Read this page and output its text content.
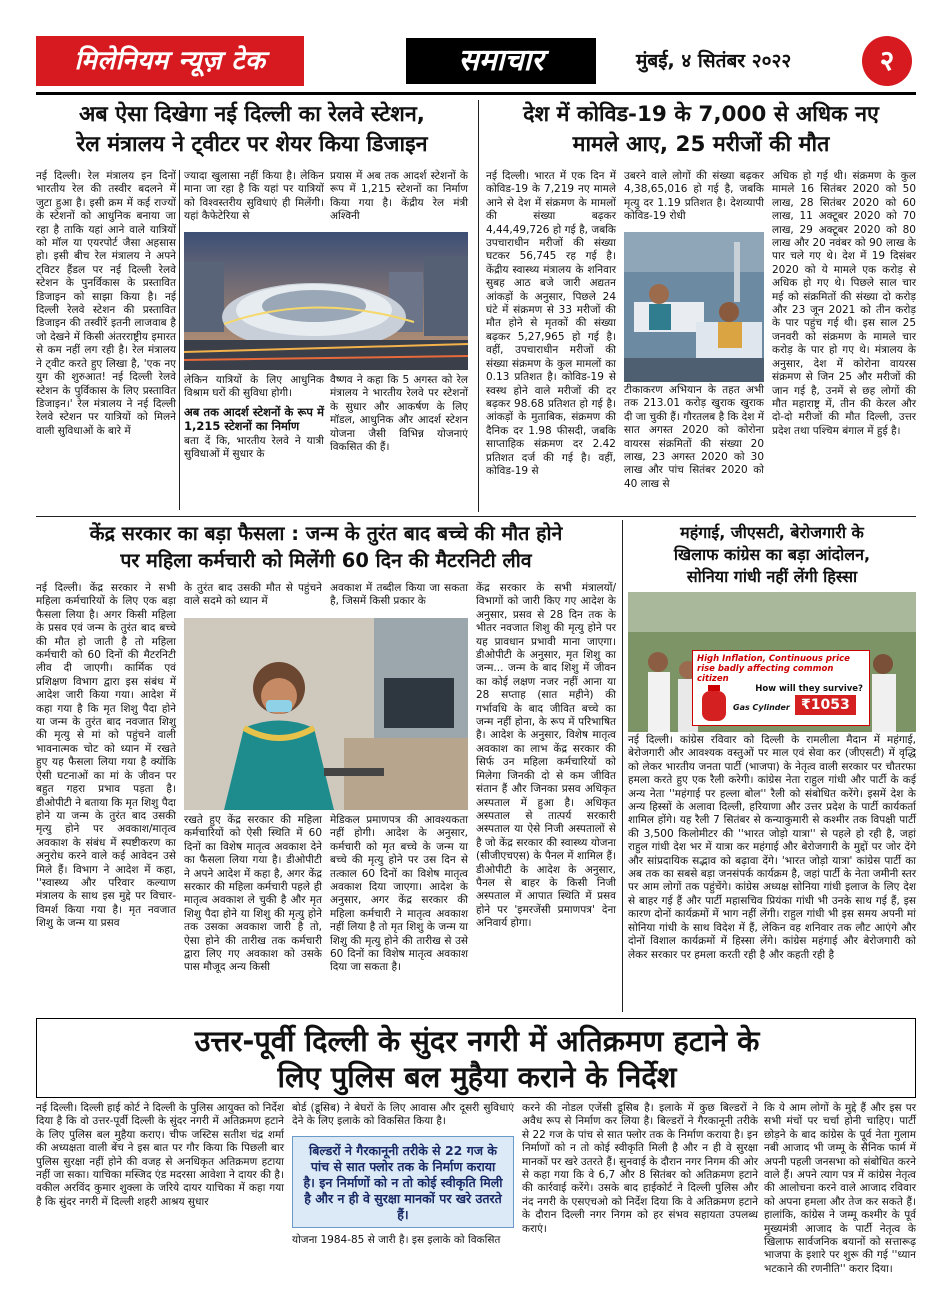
मिलेनियम न्यूज़ टेक	समाचार	मुंबई, ४ सितंबर २०२२	२
अब ऐसा दिखेगा नई दिल्ली का रेलवे स्टेशन,
रेल मंत्रालय ने ट्वीटर पर शेयर किया डिजाइन
नई दिल्ली। रेल मंत्रालय इन दिनों भारतीय रेल की तस्वीर बदलने में जुटा हुआ है। इसी क्रम में कई राज्यों के स्टेशनों को आधुनिक बनाया जा रहा है ताकि यहां आने वाले यात्रियों को मॉल या एयरपोर्ट जैसा अहसास हो। इसी बीच रेल मंत्रालय ने अपने ट्विटर हैंडल पर नई दिल्ली रेलवे स्टेशन के पुनर्विकास के प्रस्तावित डिजाइन को साझा किया है। नई दिल्ली रेलवे स्टेशन की प्रस्तावित डिजाइन की तस्वीरें इतनी लाजवाब है जो देखने में किसी अंतरराष्ट्रीय इमारत से कम नहीं लग रही है। रेल मंत्रालय ने ट्वीट करते हुए लिखा है, 'एक नए युग की शुरुआत! नई दिल्ली रेलवे स्टेशन के पुर्विकास के लिए प्रस्तावित डिजाइन।' रेल मंत्रालय ने नई दिल्ली रेलवे स्टेशन पर यात्रियों को मिलने वाली सुविधाओं के बारे में
ज्यादा खुलासा नहीं किया है। लेकिन माना जा रहा है कि यहां पर यात्रियों को विश्वस्तरीय सुविधाएं ही मिलेंगी। यहां कैफेटेरिया से
प्रयास में अब तक आदर्श स्टेशनों के रूप में 1,215 स्टेशनों का निर्माण किया गया है। केंद्रीय रेल मंत्री अश्विनी
लेकिन यात्रियों के लिए आधुनिक विश्राम घरों की सुविधा होगी।
अब तक आदर्श स्टेशनों के रूप में 1,215 स्टेशनों का निर्माण
बता दें कि, भारतीय रेलवे ने यात्री सुविधाओं में सुधार के
वैष्णव ने कहा कि 5 अगस्त को रेल मंत्रालय ने भारतीय रेलवे पर स्टेशनों के सुधार और आकर्षण के लिए मॉडल, आधुनिक और आदर्श स्टेशन योजना जैसी विभिन्न योजनाएं विकसित की हैं।
देश में कोविड-19 के 7,000 से अधिक नए
मामले आए, 25 मरीजों की मौत
नई दिल्ली। भारत में एक दिन में कोविड-19 के 7,219 नए मामले आने से देश में संक्रमण के मामलों की संख्या बढ़कर 4,44,49,726 हो गई है, जबकि उपचाराधीन मरीजों की संख्या घटकर 56,745 रह गई है। केंद्रीय स्वास्थ्य मंत्रालय के शनिवार सुबह आठ बजे जारी अद्यतन आंकड़ों के अनुसार, पिछले 24 घंटे में संक्रमण से 33 मरीजों की मौत होने से मृतकों की संख्या बढ़कर 5,27,965 हो गई है। वहीं, उपचाराधीन मरीजों की संख्या संक्रमण के कुल मामलों का 0.13 प्रतिशत है। कोविड-19 से स्वस्थ होने वाले मरीजों की दर बढ़कर 98.68 प्रतिशत हो गई है। आंकड़ों के मुताबिक, संक्रमण की दैनिक दर 1.98 फीसदी, जबकि साप्ताहिक संक्रमण दर 2.42 प्रतिशत दर्ज की गई है। वहीं, कोविड-19 से
उबरने वाले लोगों की संख्या बढ़कर 4,38,65,016 हो गई है, जबकि मृत्यु दर 1.19 प्रतिशत है। देशव्यापी कोविड-19 रोधी
टीकाकरण अभियान के तहत अभी तक 213.01 करोड़ खुराक खुराक दी जा चुकी हैं। गौरतलब है कि देश में सात अगस्त 2020 को कोरोना वायरस संक्रमितों की संख्या 20 लाख, 23 अगस्त 2020 को 30 लाख और पांच सितंबर 2020 को 40 लाख से
अधिक हो गई थी। संक्रमण के कुल मामले 16 सितंबर 2020 को 50 लाख, 28 सितंबर 2020 को 60 लाख, 11 अक्टूबर 2020 को 70 लाख, 29 अक्टूबर 2020 को 80 लाख और 20 नवंबर को 90 लाख के पार चले गए थे। देश में 19 दिसंबर 2020 को ये मामले एक करोड़ से अधिक हो गए थे। पिछले साल चार मई को संक्रमितों की संख्या दो करोड़ और 23 जून 2021 को तीन करोड़ के पार पहुंच गई थी। इस साल 25 जनवरी को संक्रमण के मामले चार करोड़ के पार हो गए थे। मंत्रालय के अनुसार, देश में कोरोना वायरस संक्रमण से जिन 25 और मरीजों की जान गई है, उनमें से छह लोगों की मौत महाराष्ट्र में, तीन की केरल और दो-दो मरीजों की मौत दिल्ली, उत्तर प्रदेश तथा पश्चिम बंगाल में हुई है।
केंद्र सरकार का बड़ा फैसला : जन्म के तुरंत बाद बच्चे की मौत होने
पर महिला कर्मचारी को मिलेंगी 60 दिन की मैटरनिटी लीव
नई दिल्ली। केंद्र सरकार ने सभी महिला कर्मचारियों के लिए एक बड़ा फैसला लिया है। अगर किसी महिला के प्रसव एवं जन्म के तुरंत बाद बच्चे की मौत हो जाती है तो महिला कर्मचारी को 60 दिनों की मैटरनिटी लीव दी जाएगी। कार्मिक एवं प्रशिक्षण विभाग द्वारा इस संबंध में आदेश जारी किया गया। आदेश में कहा गया है कि मृत शिशु पैदा होने या जन्म के तुरंत बाद नवजात शिशु की मृत्यु से मां को पहुंचने वाली भावनात्मक चोट को ध्यान में रखते हुए यह फैसला लिया गया है क्योंकि ऐसी घटनाओं का मां के जीवन पर बहुत गहरा प्रभाव पड़ता है। डीओपीटी ने बताया कि मृत शिशु पैदा होने या जन्म के तुरंत बाद उसकी मृत्यु होने पर अवकाश/मातृत्व अवकाश के संबंध में स्पष्टीकरण का अनुरोध करने वाले कई आवेदन उसे मिले हैं। विभाग ने आदेश में कहा, ''स्वास्थ्य और परिवार कल्याण मंत्रालय के साथ इस मुद्दे पर विचार-विमर्श किया गया है। मृत नवजात शिशु के जन्म या प्रसव
के तुरंत बाद उसकी मौत से पहुंचने वाले सदमे को ध्यान में
अवकाश में तब्दील किया जा सकता है, जिसमें किसी प्रकार के
रखते हुए केंद्र सरकार की महिला कर्मचारियों को ऐसी स्थिति में 60 दिनों का विशेष मातृत्व अवकाश देने का फैसला लिया गया है। डीओपीटी ने अपने आदेश में कहा है, अगर केंद्र सरकार की महिला कर्मचारी पहले ही मातृत्व अवकाश ले चुकी है और मृत शिशु पैदा होने या शिशु की मृत्यु होने तक उसका अवकाश जारी है तो, ऐसा होने की तारीख तक कर्मचारी द्वारा लिए गए अवकाश को उसके पास मौजूद अन्य किसी
मेडिकल प्रमाणपत्र की आवश्यकता नहीं होगी। आदेश के अनुसार, कर्मचारी को मृत बच्चे के जन्म या बच्चे की मृत्यु होने पर उस दिन से तत्काल 60 दिनों का विशेष मातृत्व अवकाश दिया जाएगा। आदेश के अनुसार, अगर केंद्र सरकार की महिला कर्मचारी ने मातृत्व अवकाश नहीं लिया है तो मृत शिशु के जन्म या शिशु की मृत्यु होने की तारीख से उसे 60 दिनों का विशेष मातृत्व अवकाश दिया जा सकता है।
केंद्र सरकार के सभी मंत्रालयों/विभागों को जारी किए गए आदेश के अनुसार, प्रसव से 28 दिन तक के भीतर नवजात शिशु की मृत्यु होने पर यह प्रावधान प्रभावी माना जाएगा। डीओपीटी के अनुसार, मृत शिशु का जन्म... जन्म के बाद शिशु में जीवन का कोई लक्षण नजर नहीं आना या 28 सप्ताह (सात महीने) की गर्भावधि के बाद जीवित बच्चे का जन्म नहीं होना, के रूप में परिभाषित है। आदेश के अनुसार, विशेष मातृत्व अवकाश का लाभ केंद्र सरकार की सिर्फ उन महिला कर्मचारियों को मिलेगा जिनकी दो से कम जीवित संतान हैं और जिनका प्रसव अधिकृत अस्पताल में हुआ है। अधिकृत अस्पताल से तात्पर्य सरकारी अस्पताल या ऐसे निजी अस्पतालों से है जो केंद्र सरकार की स्वास्थ्य योजना (सीजीएचएस) के पैनल में शामिल हैं। डीओपीटी के आदेश के अनुसार, पैनल से बाहर के किसी निजी अस्पताल में आपात स्थिति में प्रसव होने पर 'इमरजेंसी प्रमाणपत्र' देना अनिवार्य होगा।
महंगाई, जीएसटी, बेरोजगारी के
खिलाफ कांग्रेस का बड़ा आंदोलन,
सोनिया गांधी नहीं लेंगी हिस्सा
High Inflation, Continuous price rise badly affecting common citizen
How will they survive?
Gas Cylinder ₹1053
नई दिल्ली। कांग्रेस रविवार को दिल्ली के रामलीला मैदान में महंगाई, बेरोजगारी और आवश्यक वस्तुओं पर माल एवं सेवा कर (जीएसटी) में वृद्धि को लेकर भारतीय जनता पार्टी (भाजपा) के नेतृत्व वाली सरकार पर चौतरफा हमला करते हुए एक रैली करेगी। कांग्रेस नेता राहुल गांधी और पार्टी के कई अन्य नेता ''महंगाई पर हल्ला बोल'' रैली को संबोधित करेंगे। इसमें देश के अन्य हिस्सों के अलावा दिल्ली, हरियाणा और उत्तर प्रदेश के पार्टी कार्यकर्ता शामिल होंगे। यह रैली 7 सितंबर से कन्याकुमारी से कश्मीर तक विपक्षी पार्टी की 3,500 किलोमीटर की ''भारत जोड़ो यात्रा'' से पहले हो रही है, जहां राहुल गांधी देश भर में यात्रा कर महंगाई और बेरोजगारी के मुद्दों पर जोर देंगे और सांप्रदायिक सद्भाव को बढ़ावा देंगे। 'भारत जोड़ो यात्रा' कांग्रेस पार्टी का अब तक का सबसे बड़ा जनसंपर्क कार्यक्रम है, जहां पार्टी के नेता जमीनी स्तर पर आम लोगों तक पहुंचेंगे। कांग्रेस अध्यक्ष सोनिया गांधी इलाज के लिए देश से बाहर गई हैं और पार्टी महासचिव प्रियंका गांधी भी उनके साथ गई हैं, इस कारण दोनों कार्यक्रमों में भाग नहीं लेंगी। राहुल गांधी भी इस समय अपनी मां सोनिया गांधी के साथ विदेश में हैं, लेकिन वह शनिवार तक लौट आएंगे और दोनों विशाल कार्यक्रमों में हिस्सा लेंगे। कांग्रेस महंगाई और बेरोजगारी को लेकर सरकार पर हमला करती रही है और कहती रही है
उत्तर-पूर्वी दिल्ली के सुंदर नगरी में अतिक्रमण हटाने के
लिए पुलिस बल मुहैया कराने के निर्देश
कि ये आम लोगों के मुद्दे हैं और इस पर सभी मंचों पर चर्चा होनी चाहिए। पार्टी छोड़ने के बाद कांग्रेस के पूर्व नेता गुलाम नबी आजाद भी जम्मू के सैनिक फार्म में अपनी पहली जनसभा को संबोधित करने वाले हैं। अपने त्याग पत्र में कांग्रेस नेतृत्व की आलोचना करने वाले आजाद रविवार को अपना हमला और तेज कर सकते हैं। हालांकि, कांग्रेस ने जम्मू कश्मीर के पूर्व मुख्यमंत्री आजाद के पार्टी नेतृत्व के खिलाफ सार्वजनिक बयानों को सत्तारूढ़ भाजपा के इशारे पर शुरू की गई ''ध्यान भटकाने की रणनीति'' करार दिया।
नई दिल्ली। दिल्ली हाई कोर्ट ने दिल्ली के पुलिस आयुक्त को निर्देश दिया है कि वो उत्तर-पूर्वी दिल्ली के सुंदर नगरी में अतिक्रमण हटाने के लिए पुलिस बल मुहैया कराए। चीफ जस्टिस सतीश चंद्र शर्मा की अध्यक्षता वाली बेंच ने इस बात पर गौर किया कि पिछली बार पुलिस सुरक्षा नहीं होने की वजह से अनधिकृत अतिक्रमण हटाया नहीं जा सका। याचिका मस्जिद एंड मदरसा आवेशा ने दायर की है। वकील अरविंद कुमार शुक्ला के जरिये दायर याचिका में कहा गया है कि सुंदर नगरी में दिल्ली शहरी आश्रय सुधार
बोर्ड (डूसिब) ने बेघरों के लिए आवास और दूसरी सुविधाएं देने के लिए इलाके को विकसित किया है।
बिल्डरों ने गैरकानूनी तरीके से 22 गज के पांच से सात फ्लोर तक के निर्माण कराया है। इन निर्माणों को न तो कोई स्वीकृति मिली है और न ही वे सुरक्षा मानकों पर खरे उतरते हैं।
योजना 1984-85 से जारी है। इस इलाके को विकसित
करने की नोडल एजेंसी डूसिब है। इलाके में कुछ बिल्डरों ने अवैध रूप से निर्माण कर लिया है। बिल्डरों ने गैरकानूनी तरीके से 22 गज के पांच से सात फ्लोर तक के निर्माण कराया है। इन निर्माणों को न तो कोई स्वीकृति मिली है और न ही वे सुरक्षा मानकों पर खरे उतरते हैं। सुनवाई के दौरान नगर निगम की ओर से कहा गया कि वे 6,7 और 8 सितंबर को अतिक्रमण हटाने की कार्रवाई करेंगे। उसके बाद हाईकोर्ट ने दिल्ली पुलिस और नंद नगरी के एसएचओ को निर्देश दिया कि वे अतिक्रमण हटाने के दौरान दिल्ली नगर निगम को हर संभव सहायता उपलब्ध कराएं।
